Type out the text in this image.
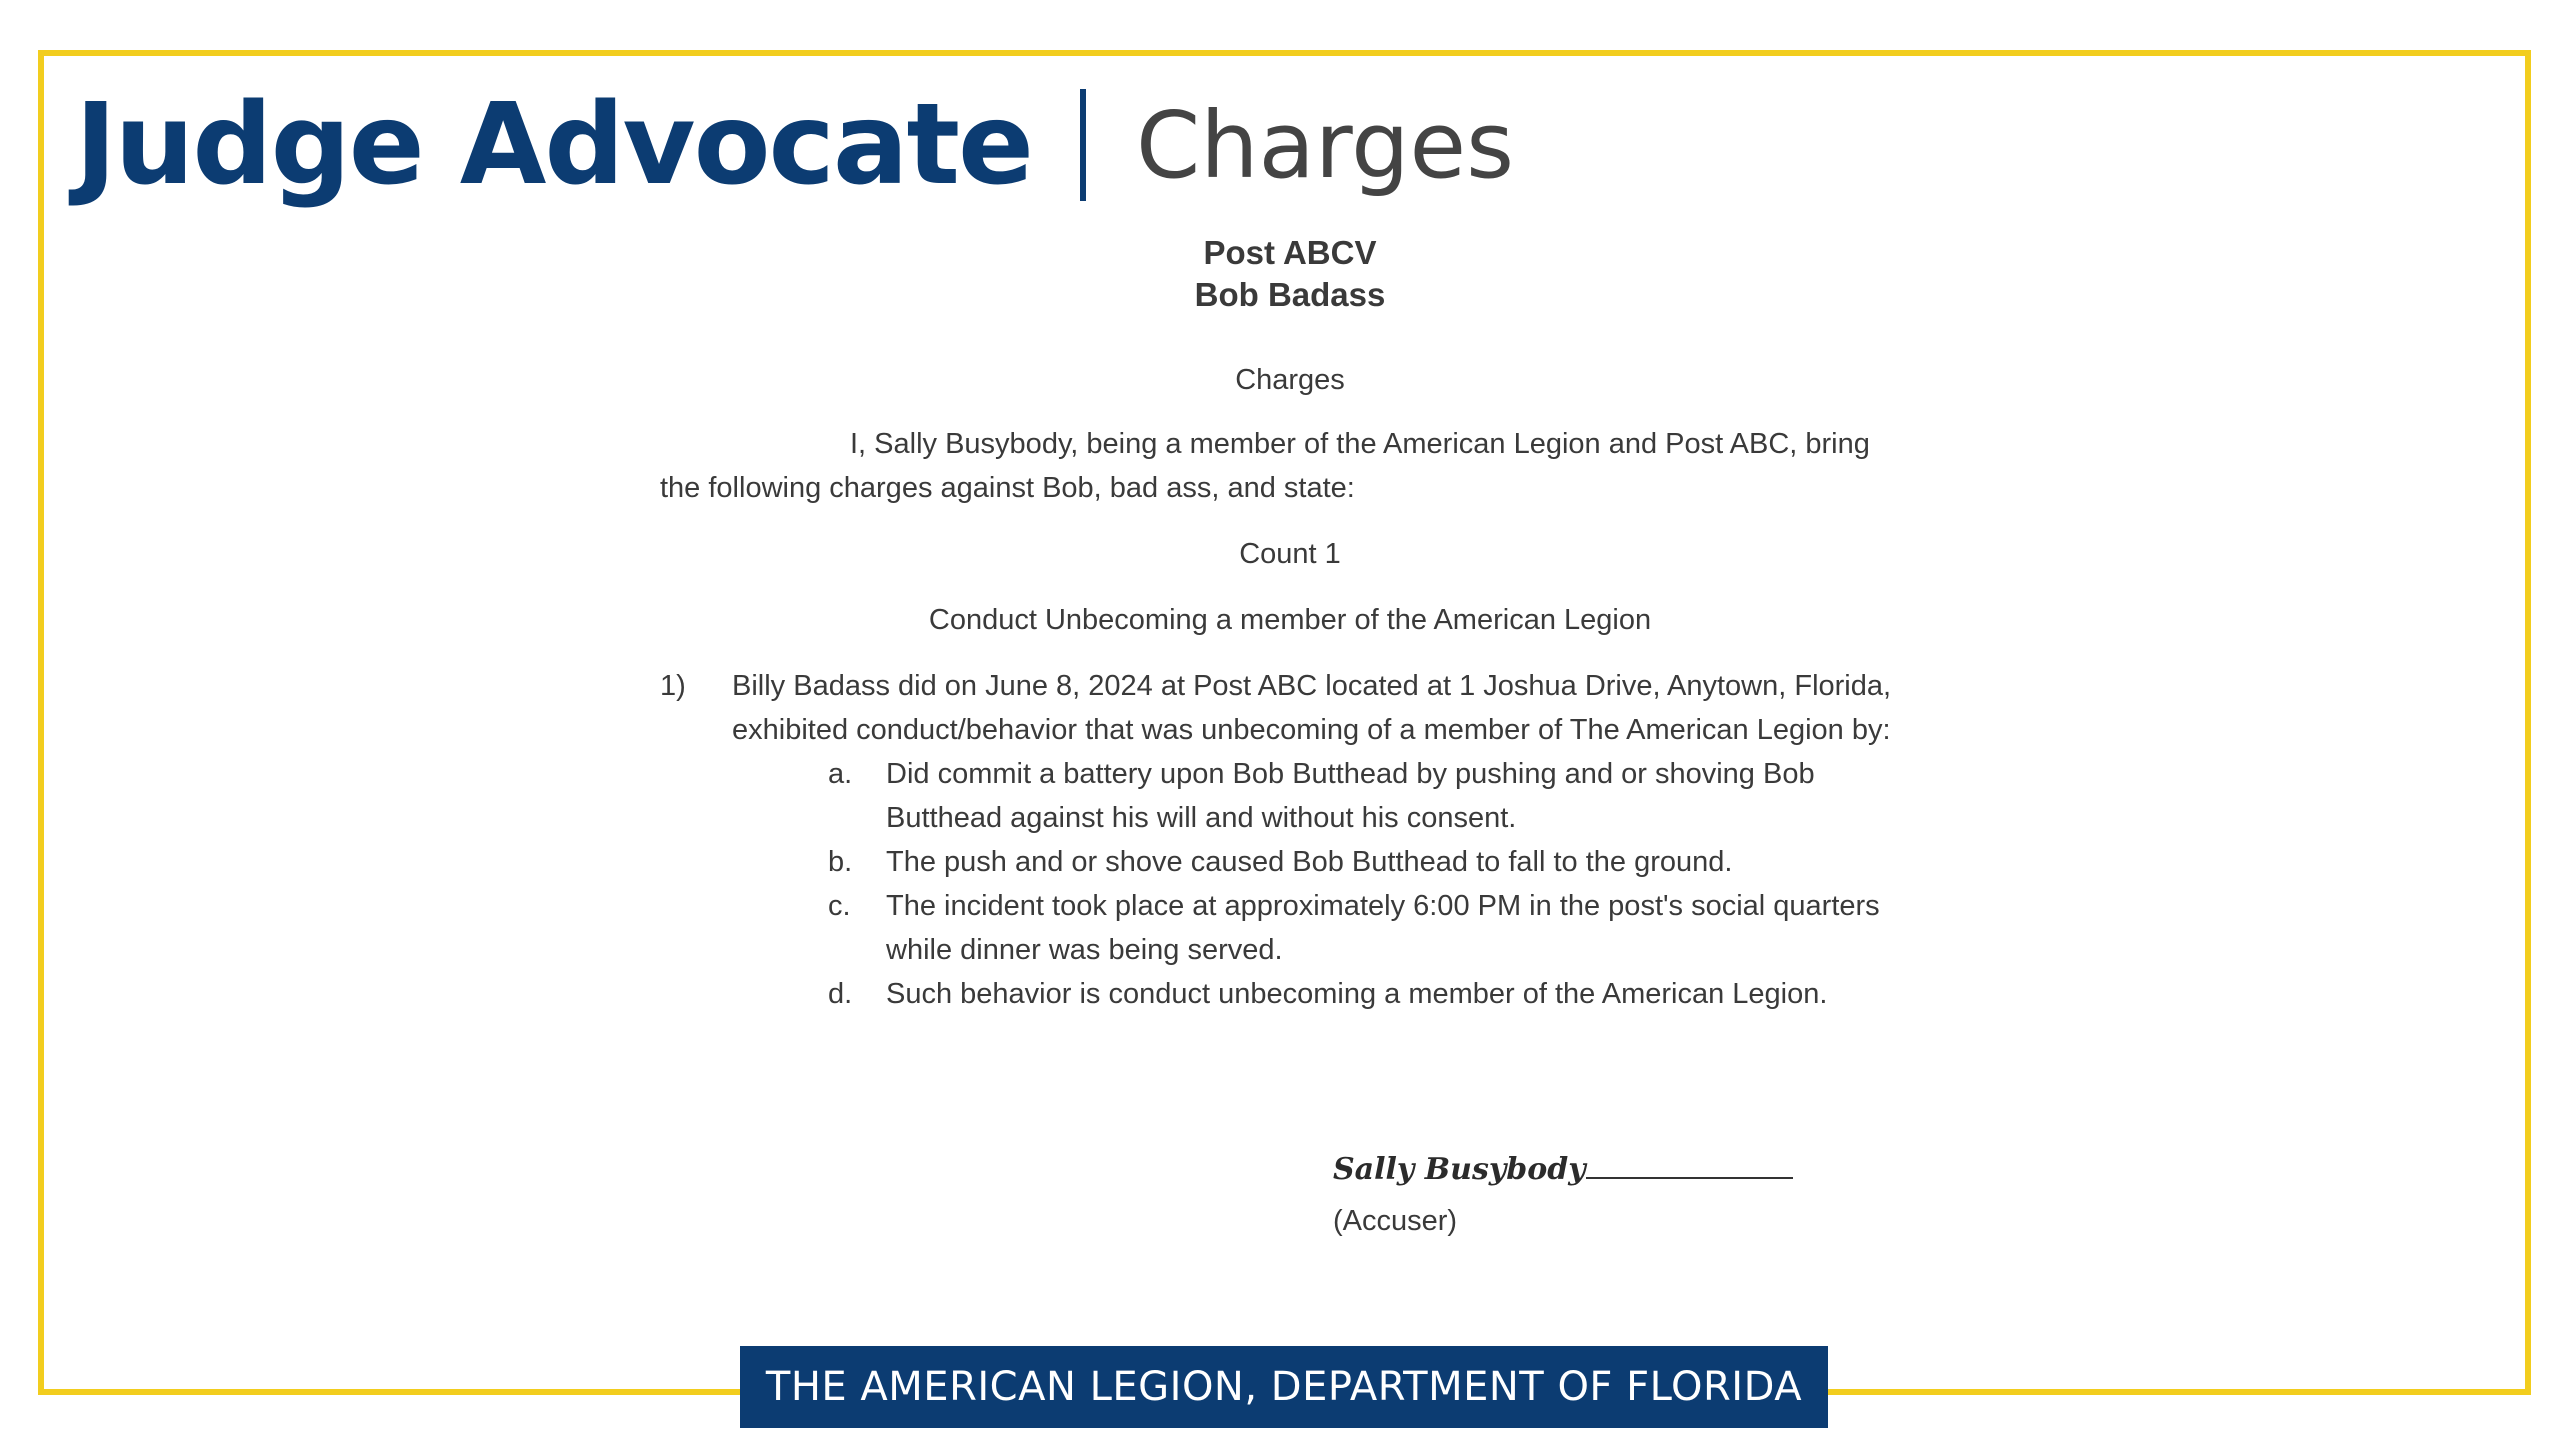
Judge Advocate Charges
Post ABCV
Bob Badass
Charges
I, Sally Busybody, being a member of the American Legion and Post ABC, bring
the following charges against Bob, bad ass, and state:
Count 1
Conduct Unbecoming a member of the American Legion
1)	Billy Badass did on June 8, 2024 at Post ABC located at 1 Joshua Drive, Anytown, Florida, exhibited conduct/behavior that was unbecoming of a member of The American Legion by:
a.	Did commit a battery upon Bob Butthead by pushing and or shoving Bob Butthead against his will and without his consent.
b.	The push and or shove caused Bob Butthead to fall to the ground.
c.	The incident took place at approximately 6:00 PM in the post's social quarters while dinner was being served.
d.	Such behavior is conduct unbecoming a member of the American Legion.
Sally Busybody
(Accuser)
THE AMERICAN LEGION, DEPARTMENT OF FLORIDA
